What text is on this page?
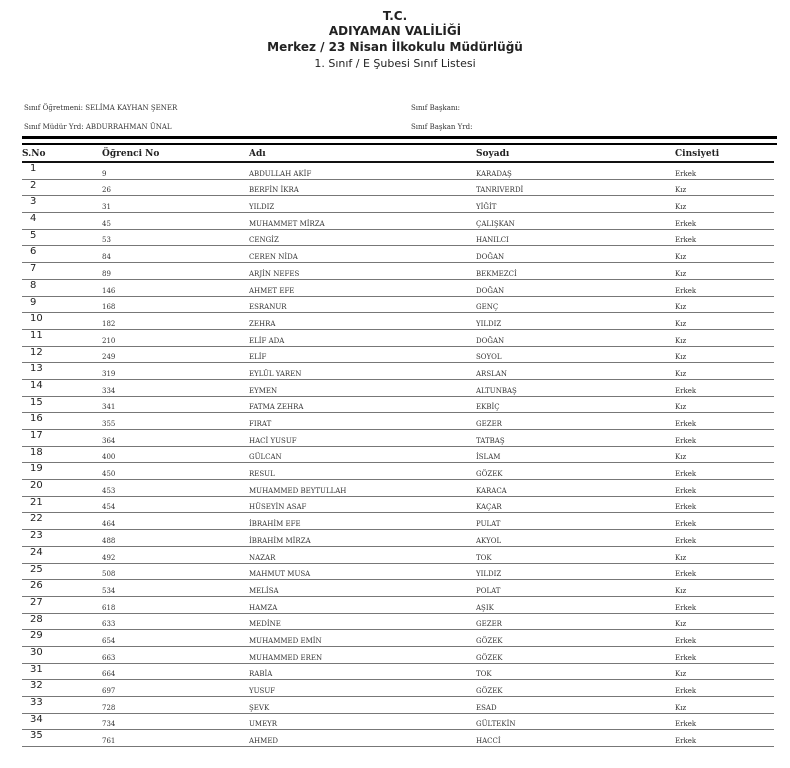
T.C.
ADIYAMAN VALİLİĞİ
Merkez / 23 Nisan İlkokulu Müdürlüğü
1. Sınıf / E Şubesi Sınıf Listesi
Sınıf Öğretmeni: SELİMA KAYHAN ŞENER
Sınıf Müdür Yrd: ABDURRAHMAN ÜNAL
Sınıf Başkanı:
Sınıf Başkan Yrd:
S.No	Öğrenci No	Adı	Soyadı	Cinsiyeti
1	9	ABDULLAH AKİF	KARADAŞ	Erkek
2	26	BERFİN İKRA	TANRIVERDİ	Kız
3	31	YILDIZ	YİĞİT	Kız
4	45	MUHAMMET MİRZA	ÇALIŞKAN	Erkek
5	53	CENGİZ	HANILCI	Erkek
6	84	CEREN NİDA	DOĞAN	Kız
7	89	ARJİN NEFES	BEKMEZCİ	Kız
8	146	AHMET EFE	DOĞAN	Erkek
9	168	ESRANUR	GENÇ	Kız
10	182	ZEHRA	YILDIZ	Kız
11	210	ELİF ADA	DOĞAN	Kız
12	249	ELİF	SOYOL	Kız
13	319	EYLÜL YAREN	ARSLAN	Kız
14	334	EYMEN	ALTUNBAŞ	Erkek
15	341	FATMA ZEHRA	EKBİÇ	Kız
16	355	FIRAT	GEZER	Erkek
17	364	HACİ YUSUF	TATBAŞ	Erkek
18	400	GÜLCAN	İSLAM	Kız
19	450	RESUL	GÖZEK	Erkek
20	453	MUHAMMED BEYTULLAH	KARACA	Erkek
21	454	HÜSEYİN ASAF	KAÇAR	Erkek
22	464	İBRAHİM EFE	PULAT	Erkek
23	488	İBRAHİM MİRZA	AKYOL	Erkek
24	492	NAZAR	TOK	Kız
25	508	MAHMUT MUSA	YILDIZ	Erkek
26	534	MELİSA	POLAT	Kız
27	618	HAMZA	AŞIK	Erkek
28	633	MEDİNE	GEZER	Kız
29	654	MUHAMMED EMİN	GÖZEK	Erkek
30	663	MUHAMMED EREN	GÖZEK	Erkek
31	664	RABİA	TOK	Kız
32	697	YUSUF	GÖZEK	Erkek
33	728	ŞEVK	ESAD	Kız
34	734	UMEYR	GÜLTEKİN	Erkek
35	761	AHMED	HACCİ	Erkek
